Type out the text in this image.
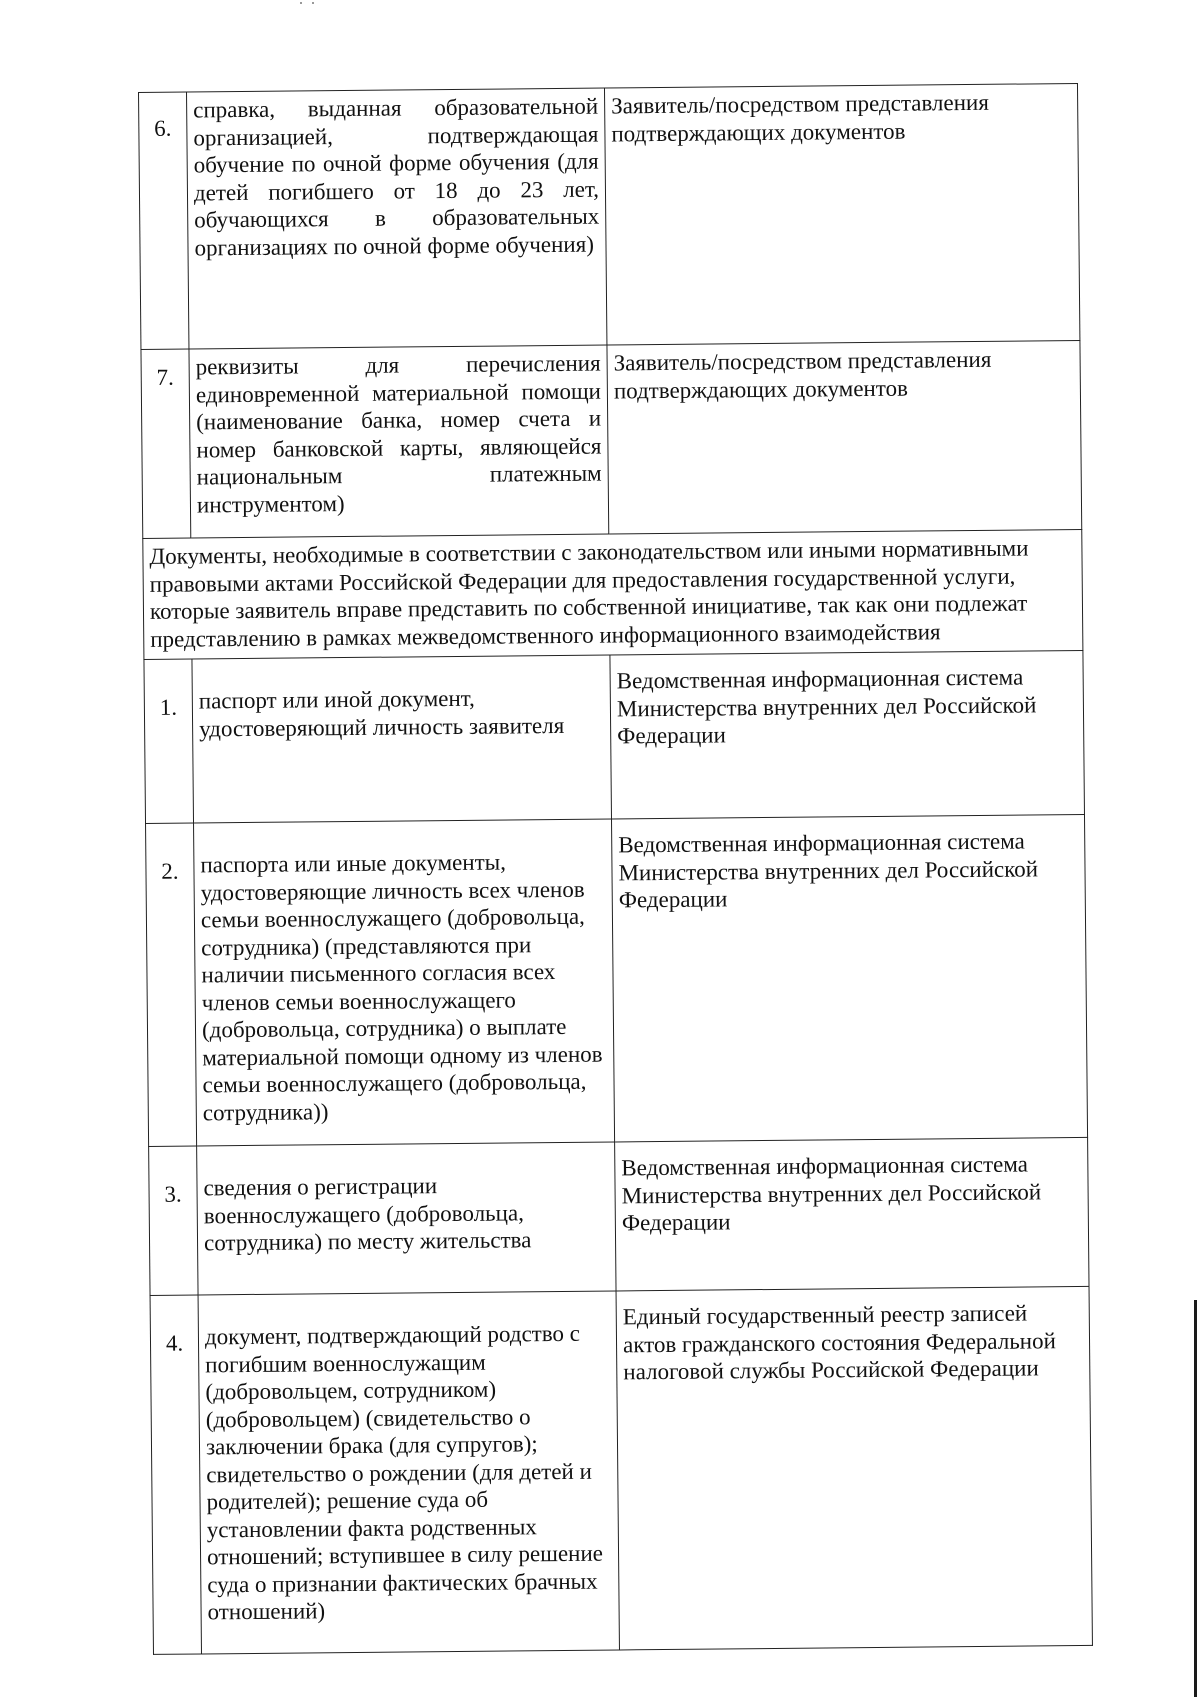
6.	справка, выданная образовательной организацией, подтверждающая обучение по очной форме обучения (для детей погибшего от 18 до 23 лет, обучающихся в образовательных организациях по очной форме обучения)	Заявитель/посредством представления подтверждающих документов
7.	реквизиты для перечисления единовременной материальной помощи (наименование банка, номер счета и номер банковской карты, являющейся национальным платежным инструментом)	Заявитель/посредством представления подтверждающих документов
Документы, необходимые в соответствии с законодательством или иными нормативными правовыми актами Российской Федерации для предоставления государственной услуги, которые заявитель вправе представить по собственной инициативе, так как они подлежат представлению в рамках межведомственного информационного взаимодействия		
1.	паспорт или иной документ, удостоверяющий личность заявителя	Ведомственная информационная система Министерства внутренних дел Российской Федерации
2.	паспорта или иные документы, удостоверяющие личность всех членов семьи военнослужащего (добровольца, сотрудника) (представляются при наличии письменного согласия всех членов семьи военнослужащего (добровольца, сотрудника) о выплате материальной помощи одному из членов семьи военнослужащего (добровольца, сотрудника))	Ведомственная информационная система Министерства внутренних дел Российской Федерации
3.	сведения о регистрации военнослужащего (добровольца, сотрудника) по месту жительства	Ведомственная информационная система Министерства внутренних дел Российской Федерации
4.	документ, подтверждающий родство с погибшим военнослужащим (добровольцем, сотрудником) (добровольцем) (свидетельство о заключении брака (для супругов); свидетельство о рождении (для детей и родителей); решение суда об установлении факта родственных отношений; вступившее в силу решение суда о признании фактических брачных отношений)	Единый государственный реестр записей актов гражданского состояния Федеральной налоговой службы Российской Федерации
